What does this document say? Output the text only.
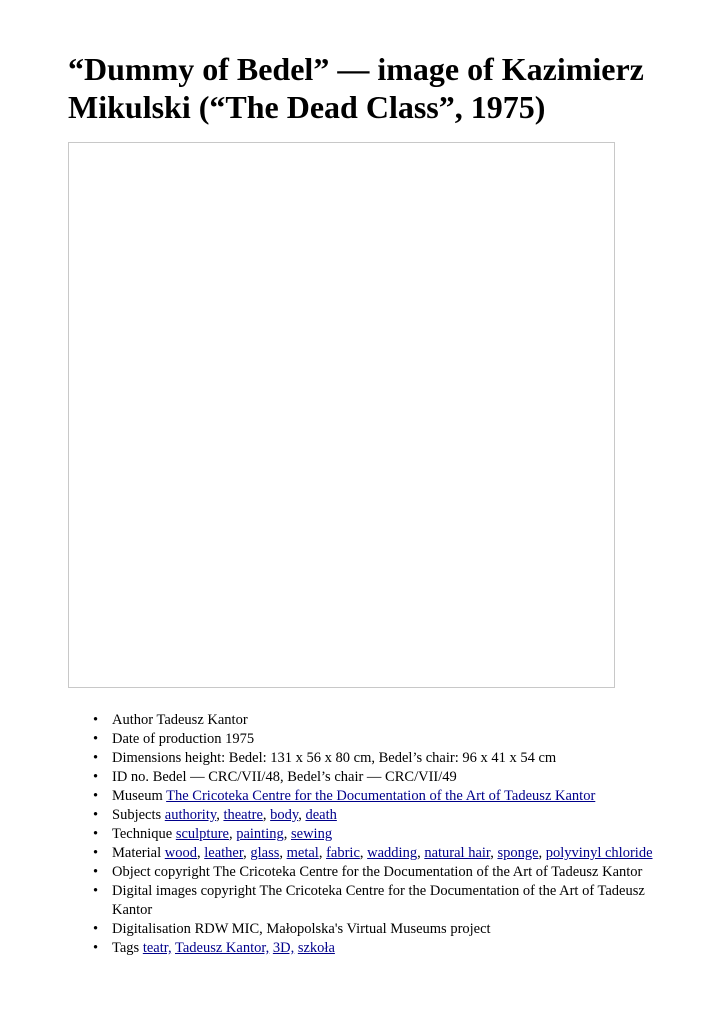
“Dummy of Bedel” — image of Kazimierz Mikulski (“The Dead Class”, 1975)
• Author Tadeusz Kantor
• Date of production 1975
• Dimensions height: Bedel: 131 x 56 x 80 cm, Bedel’s chair: 96 x 41 x 54 cm
• ID no. Bedel — CRC/VII/48, Bedel’s chair — CRC/VII/49
• Museum The Cricoteka Centre for the Documentation of the Art of Tadeusz Kantor
• Subjects authority, theatre, body, death
• Technique sculpture, painting, sewing
• Material wood, leather, glass, metal, fabric, wadding, natural hair, sponge, polyvinyl chloride
• Object copyright The Cricoteka Centre for the Documentation of the Art of Tadeusz Kantor
• Digital images copyright The Cricoteka Centre for the Documentation of the Art of Tadeusz Kantor
• Digitalisation RDW MIC, Małopolska's Virtual Museums project
• Tags teatr, Tadeusz Kantor, 3D, szkoła
